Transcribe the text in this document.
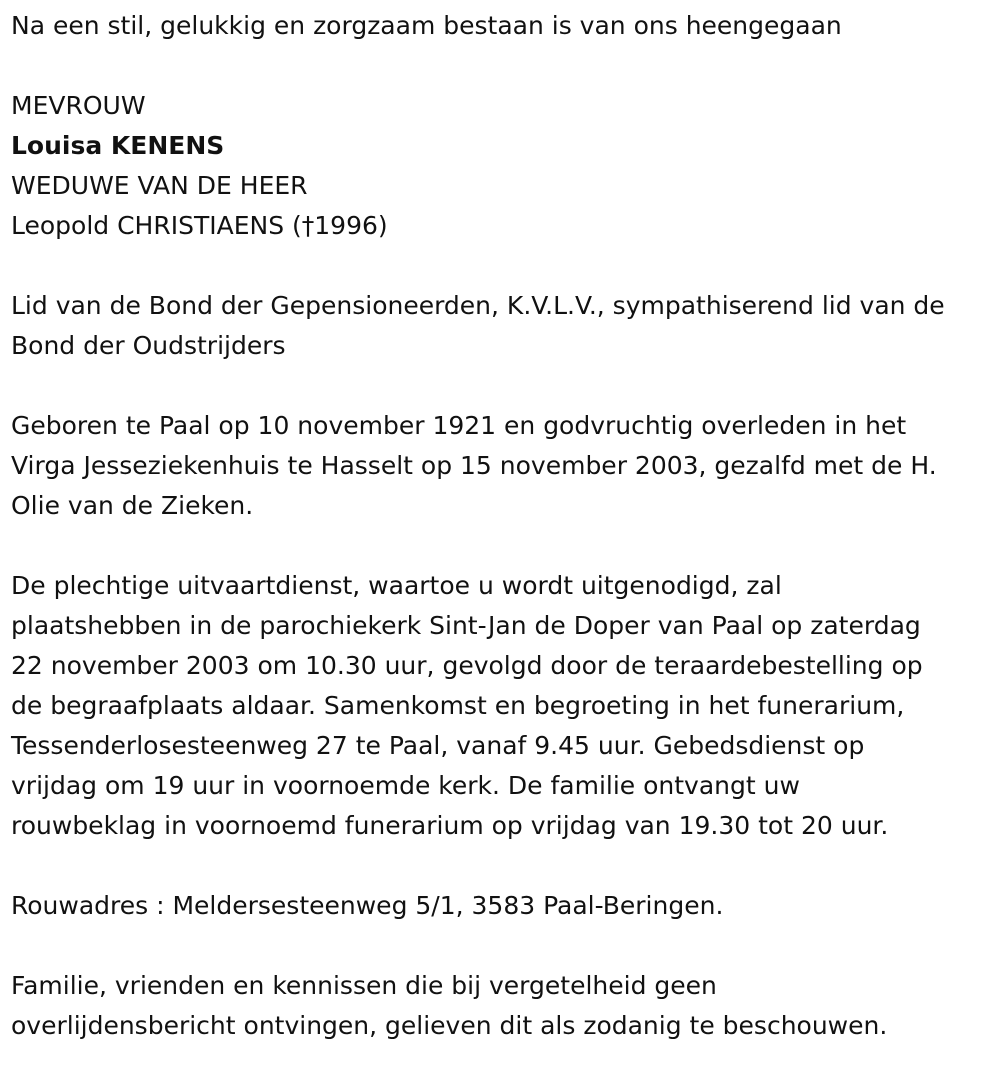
Na een stil, gelukkig en zorgzaam bestaan is van ons heengegaan

MEVROUW

Louisa KENENS

WEDUWE VAN DE HEER

Leopold CHRISTIAENS (†1996)

Lid van de Bond der Gepensioneerden, K.V.L.V., sympathiserend lid van de

Bond der Oudstrijders

Geboren te Paal op 10 november 1921 en godvruchtig overleden in het

Virga Jesseziekenhuis te Hasselt op 15 november 2003, gezalfd met de H.

Olie van de Zieken.

De plechtige uitvaartdienst, waartoe u wordt uitgenodigd, zal

plaatshebben in de parochiekerk Sint-Jan de Doper van Paal op zaterdag

22 november 2003 om 10.30 uur, gevolgd door de teraardebestelling op

de begraafplaats aldaar. Samenkomst en begroeting in het funerarium,

Tessenderlosesteenweg 27 te Paal, vanaf 9.45 uur. Gebedsdienst op

vrijdag om 19 uur in voornoemde kerk. De familie ontvangt uw

rouwbeklag in voornoemd funerarium op vrijdag van 19.30 tot 20 uur.

Rouwadres : Meldersesteenweg 5/1, 3583 Paal-Beringen.

Familie, vrienden en kennissen die bij vergetelheid geen

overlijdensbericht ontvingen, gelieven dit als zodanig te beschouwen.
